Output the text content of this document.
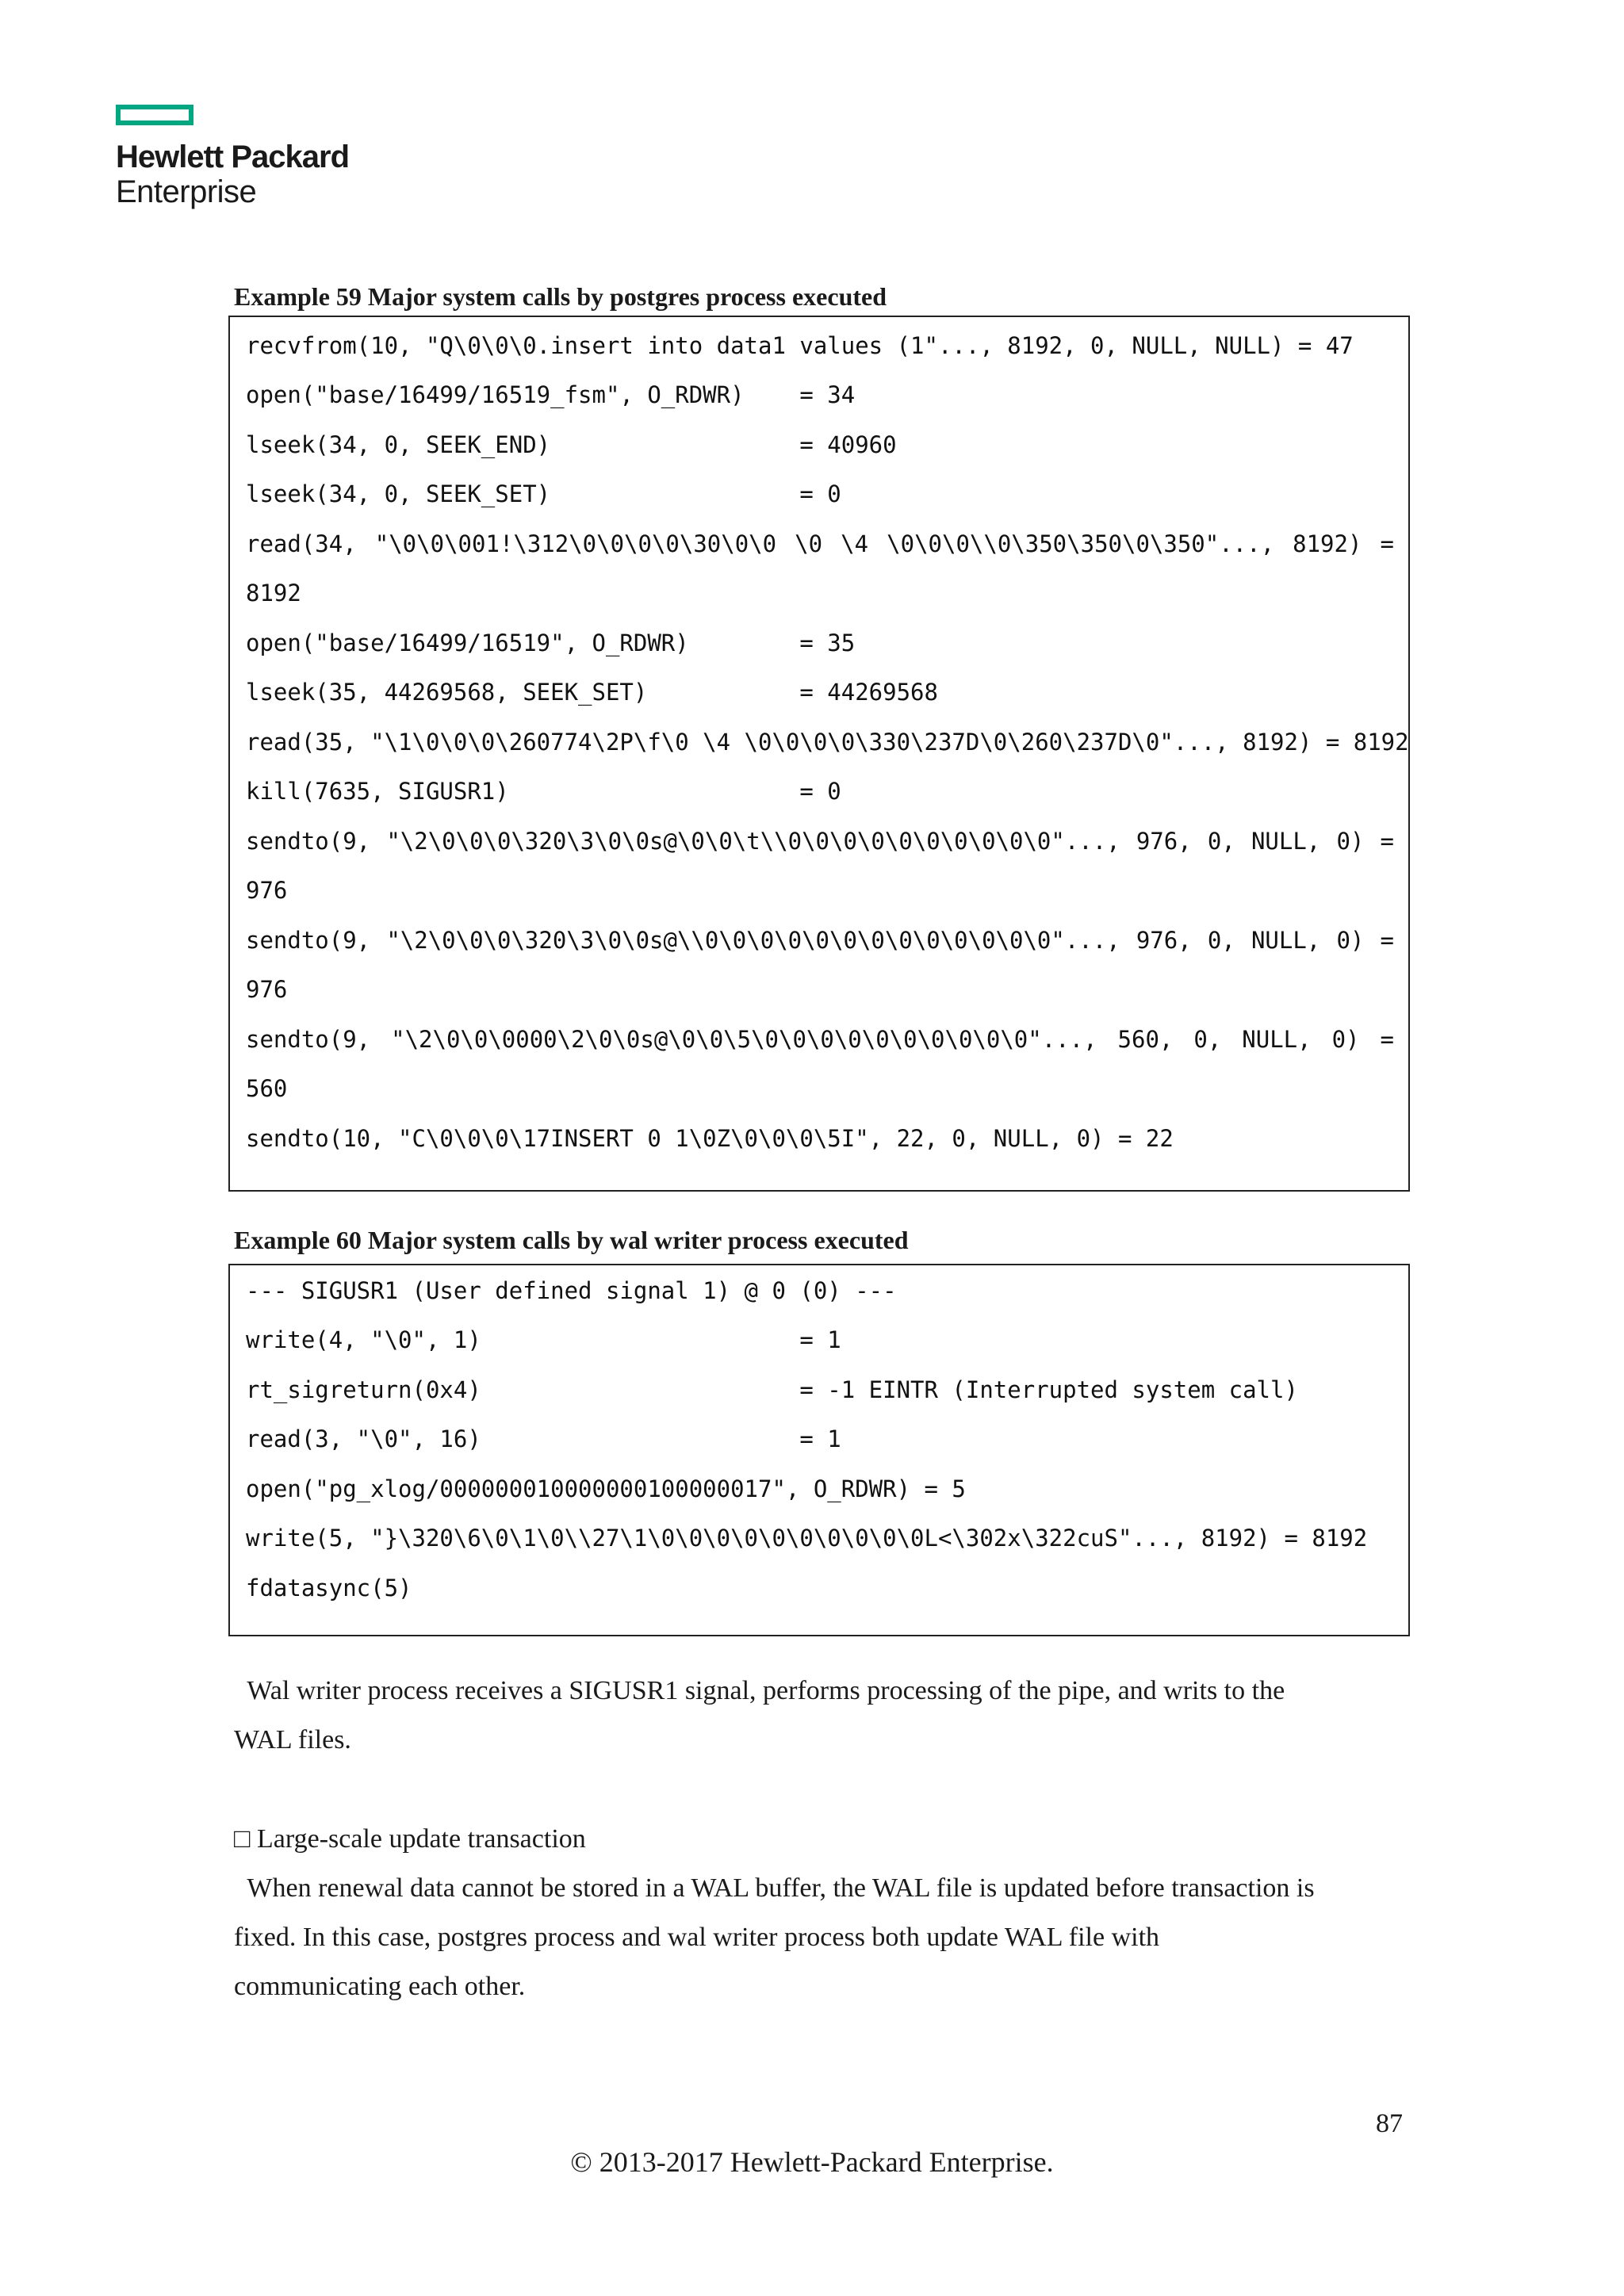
Hewlett Packard
Enterprise
Example 59 Major system calls by postgres process executed
recvfrom(10, "Q\0\0\0.insert into data1 values (1"..., 8192, 0, NULL, NULL) = 47
open("base/16499/16519_fsm", O_RDWR)    = 34
lseek(34, 0, SEEK_END)                  = 40960
lseek(34, 0, SEEK_SET)                  = 0
read(34, "\0\0\001!\312\0\0\0\0\30\0\0 \0 \4 \0\0\0\\0\350\350\0\350"..., 8192) =
8192
open("base/16499/16519", O_RDWR)        = 35
lseek(35, 44269568, SEEK_SET)           = 44269568
read(35, "\1\0\0\0\260774\2P\f\0 \4 \0\0\0\0\330\237D\0\260\237D\0"..., 8192) = 8192
kill(7635, SIGUSR1)                     = 0
sendto(9, "\2\0\0\0\320\3\0\0s@\0\0\t\\0\0\0\0\0\0\0\0\0\0"..., 976, 0, NULL, 0) =
976
sendto(9, "\2\0\0\0\320\3\0\0s@\\0\0\0\0\0\0\0\0\0\0\0\0\0"..., 976, 0, NULL, 0) =
976
sendto(9, "\2\0\0\0000\2\0\0s@\0\0\5\0\0\0\0\0\0\0\0\0\0"..., 560, 0, NULL, 0) =
560
sendto(10, "C\0\0\0\17INSERT 0 1\0Z\0\0\0\5I", 22, 0, NULL, 0) = 22
Example 60 Major system calls by wal writer process executed
--- SIGUSR1 (User defined signal 1) @ 0 (0) ---
write(4, "\0", 1)                       = 1
rt_sigreturn(0x4)                       = -1 EINTR (Interrupted system call)
read(3, "\0", 16)                       = 1
open("pg_xlog/000000010000000100000017", O_RDWR) = 5
write(5, "}\320\6\0\1\0\\27\1\0\0\0\0\0\0\0\0\0\0L<\302x\322cuS"..., 8192) = 8192
fdatasync(5)

Wal writer process receives a SIGUSR1 signal, performs processing of the pipe, and writs to the

WAL files.

□ Large-scale update transaction

When renewal data cannot be stored in a WAL buffer, the WAL file is updated before transaction is

fixed. In this case, postgres process and wal writer process both update WAL file with

communicating each other.

87
© 2013-2017 Hewlett-Packard Enterprise.
